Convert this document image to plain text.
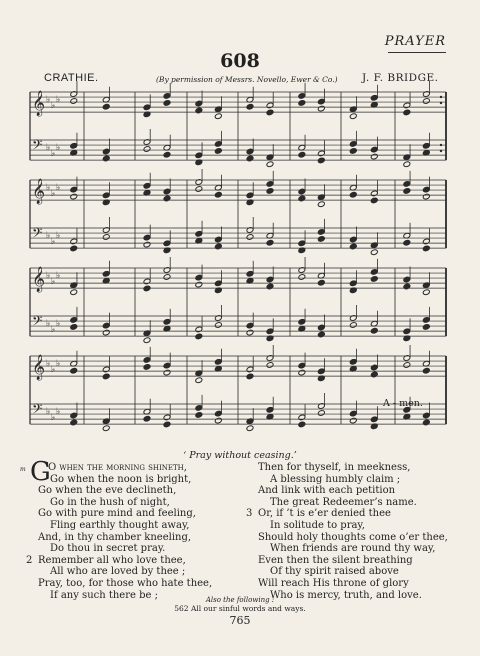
PRAYER
608
CRATHIE.	(By permission of Messrs. Novello, Ewer & Co.) J. F. BRIDGE.
𝄞 ♭
♭
♭
𝄢 ♭
♭
♭
𝄞 ♭
♭
♭
𝄢 ♭
♭
♭
𝄞 ♭
♭
♭
𝄢 ♭
♭
♭
𝄞 ♭
♭
♭
𝄢 ♭
♭
♭
A - men.
‘ Pray without ceasing.’
m G
O when the morning shineth,
Go when the noon is bright,
Go when the eve declineth,
Go in the hush of night,
Go with pure mind and feeling,
Fling earthly thought away,
And, in thy chamber kneeling,
Do thou in secret pray.
2 Remember all who love thee,
All who are loved by thee ;
Pray, too, for those who hate thee,
If any such there be ;
Then for thyself, in meekness,
A blessing humbly claim ;
And link with each petition
The great Redeemer’s name.
3 Or, if ’t is e’er denied thee
In solitude to pray,
Should holy thoughts come o’er thee,
When friends are round thy way,
Even then the silent breathing
Of thy spirit raised above
Will reach His throne of glory
Who is mercy, truth, and love.
Also the following :
562 All our sinful words and ways.
765
